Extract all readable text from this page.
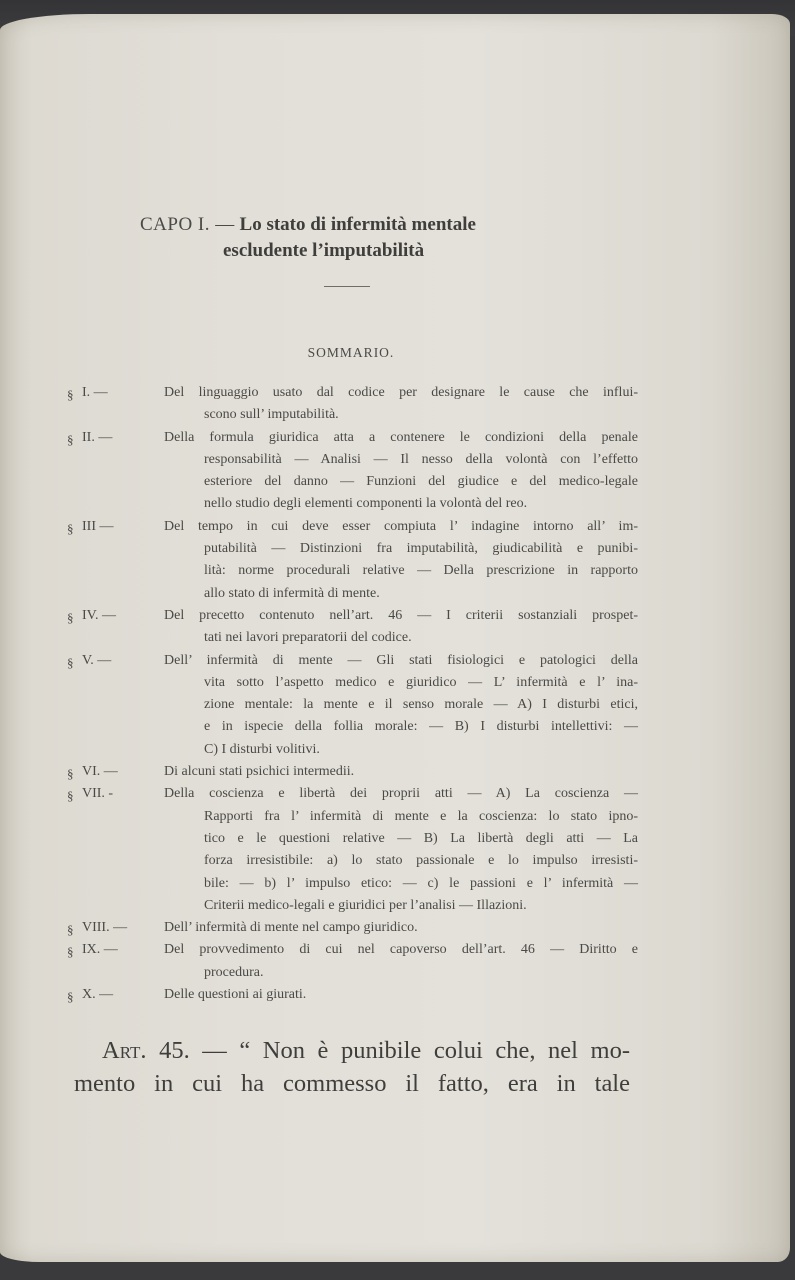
CAPO I. — Lo stato di infermità mentale
escludente l’imputabilità
SOMMARIO.
§ I. —	Del linguaggio usato dal codice per designare le cause che influi-
scono sull’ imputabilità.
§ II. —	Della formula giuridica atta a contenere le condizioni della penale
responsabilità — Analisi — Il nesso della volontà con l’effetto
esteriore del danno — Funzioni del giudice e del medico-legale
nello studio degli elementi componenti la volontà del reo.
§ III —	Del tempo in cui deve esser compiuta l’ indagine intorno all’ im-
putabilità — Distinzioni fra imputabilità, giudicabilità e punibi-
lità: norme procedurali relative — Della prescrizione in rapporto
allo stato di infermità di mente.
§ IV. —	Del precetto contenuto nell’art. 46 — I criterii sostanziali prospet-
tati nei lavori preparatorii del codice.
§ V. —	Dell’ infermità di mente — Gli stati fisiologici e patologici della
vita sotto l’aspetto medico e giuridico — L’ infermità e l’ ina-
zione mentale: la mente e il senso morale — A) I disturbi etici,
e in ispecie della follia morale: — B) I disturbi intellettivi: —
C) I disturbi volitivi.
§ VI. —	Di alcuni stati psichici intermedii.
§ VII. -	Della coscienza e libertà dei proprii atti — A) La coscienza —
Rapporti fra l’ infermità di mente e la coscienza: lo stato ipno-
tico e le questioni relative — B) La libertà degli atti — La
forza irresistibile: a) lo stato passionale e lo impulso irresisti-
bile: — b) l’ impulso etico: — c) le passioni e l’ infermità —
Criterii medico-legali e giuridici per l’analisi — Illazioni.
§ VIII. —	Dell’ infermità di mente nel campo giuridico.
§ IX. —	Del provvedimento di cui nel capoverso dell’art. 46 — Diritto e
procedura.
§ X. —	Delle questioni ai giurati.
Art. 45. — “ Non è punibile colui che, nel mo-
mento in cui ha commesso il fatto, era in tale
